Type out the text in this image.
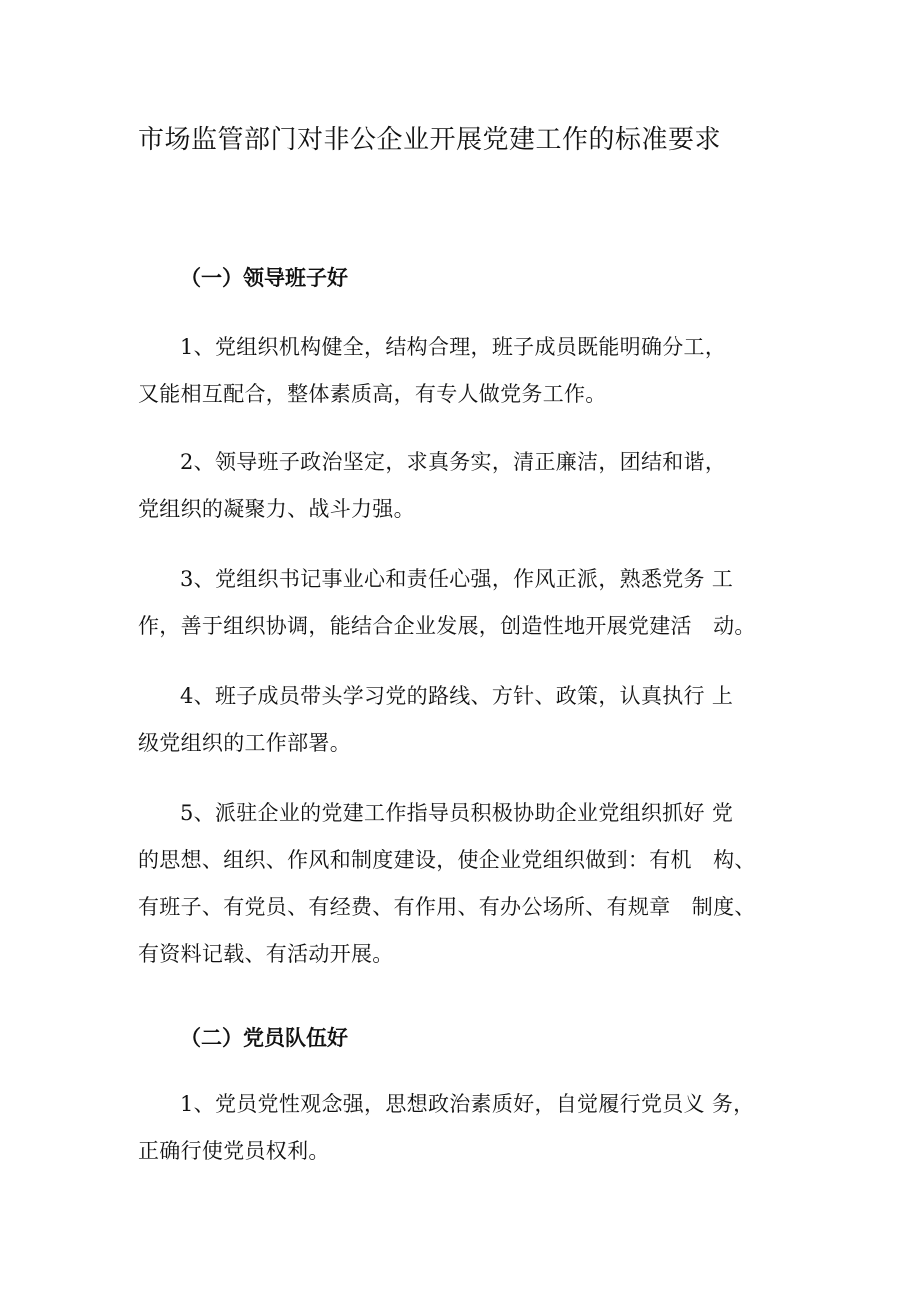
市场监管部门对非公企业开展党建工作的标准要求
（一）领导班子好
1、党组织机构健全，结构合理，班子成员既能明确分工，
又能相互配合，整体素质高，有专人做党务工作。
2、领导班子政治坚定，求真务实，清正廉洁，团结和谐，
党组织的凝聚力、战斗力强。
3、党组织书记事业心和责任心强，作风正派，熟悉党务 工
作，善于组织协调，能结合企业发展，创造性地开展党建活　动。
4、班子成员带头学习党的路线、方针、政策，认真执行 上
级党组织的工作部署。
5、派驻企业的党建工作指导员积极协助企业党组织抓好 党
的思想、组织、作风和制度建设，使企业党组织做到：有机　构、
有班子、有党员、有经费、有作用、有办公场所、有规章　制度、
有资料记载、有活动开展。
（二）党员队伍好
1、党员党性观念强，思想政治素质好，自觉履行党员义 务，
正确行使党员权利。
